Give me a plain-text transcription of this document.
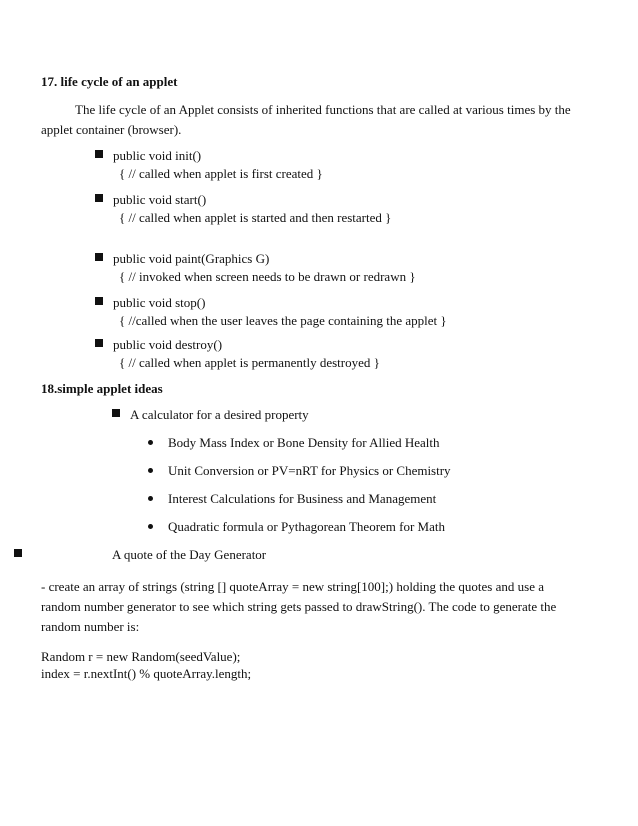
17. life cycle of an applet
The life cycle of an Applet consists of inherited functions that are called at various times by the
applet container (browser).
public void init()
{ // called when applet is first created }
public void start()
{ // called when applet is started and then restarted }
public void paint(Graphics G)
{ // invoked when screen needs to be drawn or redrawn }
public void stop()
{ //called when the user leaves the page containing the applet }
public void destroy()
{ // called when applet is permanently destroyed }
18.simple applet ideas
A calculator for a desired property
Body Mass Index or Bone Density for Allied Health
Unit Conversion or PV=nRT for Physics or Chemistry
Interest Calculations for Business and Management
Quadratic formula or Pythagorean Theorem for Math
A quote of the Day Generator
- create an array of strings (string [] quoteArray = new string[100];) holding the quotes and use a
random number generator to see which string gets passed to drawString(). The code to generate the
random number is:
Random r = new Random(seedValue);
index = r.nextInt() % quoteArray.length;
